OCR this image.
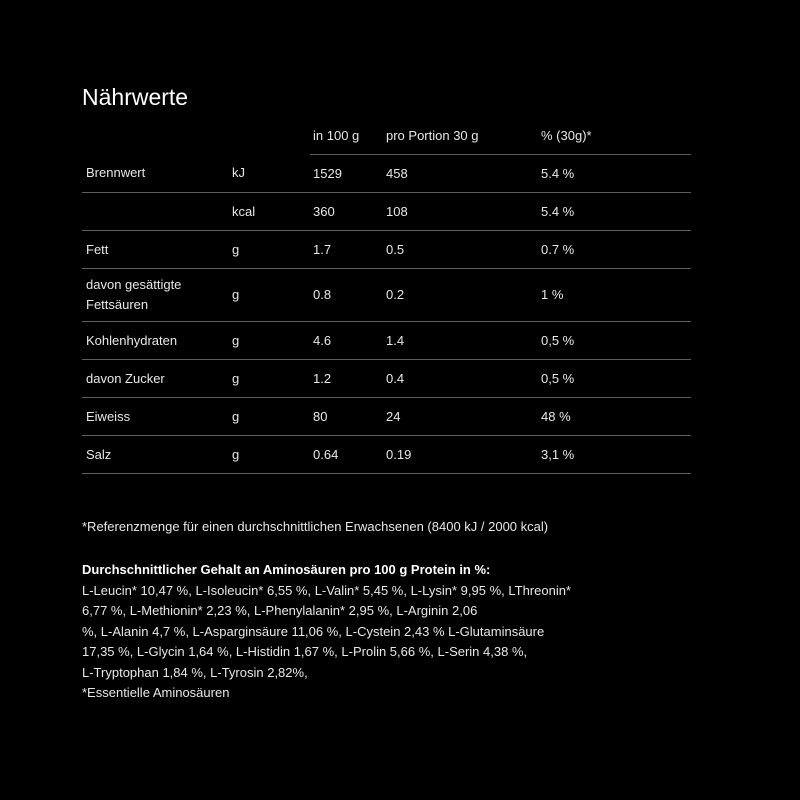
Nährwerte
		in 100 g	pro Portion 30 g	% (30g)*
Brennwert	kJ	1529	458	5.4 %
	kcal	360	108	5.4 %
Fett	g	1.7	0.5	0.7 %
davon gesättigte
Fettsäuren	g	0.8	0.2	1 %
Kohlenhydraten	g	4.6	1.4	0,5 %
davon Zucker	g	1.2	0.4	0,5 %
Eiweiss	g	80	24	48 %
Salz	g	0.64	0.19	3,1 %

*Referenzmenge für einen durchschnittlichen Erwachsenen (8400 kJ / 2000 kcal)

Durchschnittlicher Gehalt an Aminosäuren pro 100 g Protein in %:
L-Leucin* 10,47 %, L-Isoleucin* 6,55 %, L-Valin* 5,45 %, L-Lysin* 9,95 %, LThreonin*
6,77 %, L-Methionin* 2,23 %, L-Phenylalanin* 2,95 %, L-Arginin 2,06
%, L-Alanin 4,7 %, L-Asparginsäure 11,06 %, L-Cystein 2,43 % L-Glutaminsäure
17,35 %, L-Glycin 1,64 %, L-Histidin 1,67 %, L-Prolin 5,66 %, L-Serin 4,38 %,
L-Tryptophan 1,84 %, L-Tyrosin 2,82%,
*Essentielle Aminosäuren
